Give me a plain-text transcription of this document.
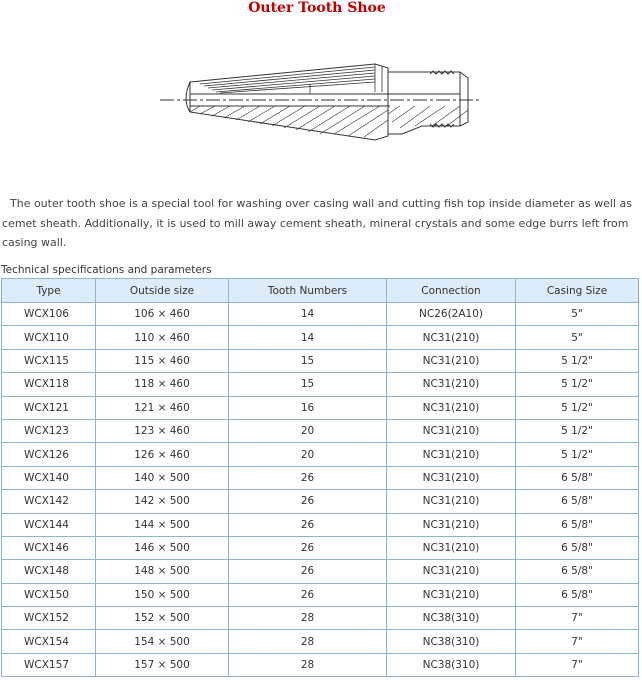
Outer Tooth Shoe

The outer tooth shoe is a special tool for washing over casing wall and cutting fish top inside diameter as well as cemet sheath. Additionally, it is used to mill away cement sheath, mineral crystals and some edge burrs left from casing wall.

Technical specifications and parameters
Type	Outside size	Tooth Numbers	Connection	Casing Size
WCX106	106 × 460	14	NC26(2A10)	5"
WCX110	110 × 460	14	NC31(210)	5"
WCX115	115 × 460	15	NC31(210)	5 1/2"
WCX118	118 × 460	15	NC31(210)	5 1/2"
WCX121	121 × 460	16	NC31(210)	5 1/2"
WCX123	123 × 460	20	NC31(210)	5 1/2"
WCX126	126 × 460	20	NC31(210)	5 1/2"
WCX140	140 × 500	26	NC31(210)	6 5/8"
WCX142	142 × 500	26	NC31(210)	6 5/8"
WCX144	144 × 500	26	NC31(210)	6 5/8"
WCX146	146 × 500	26	NC31(210)	6 5/8"
WCX148	148 × 500	26	NC31(210)	6 5/8"
WCX150	150 × 500	26	NC31(210)	6 5/8"
WCX152	152 × 500	28	NC38(310)	7"
WCX154	154 × 500	28	NC38(310)	7"
WCX157	157 × 500	28	NC38(310)	7"
